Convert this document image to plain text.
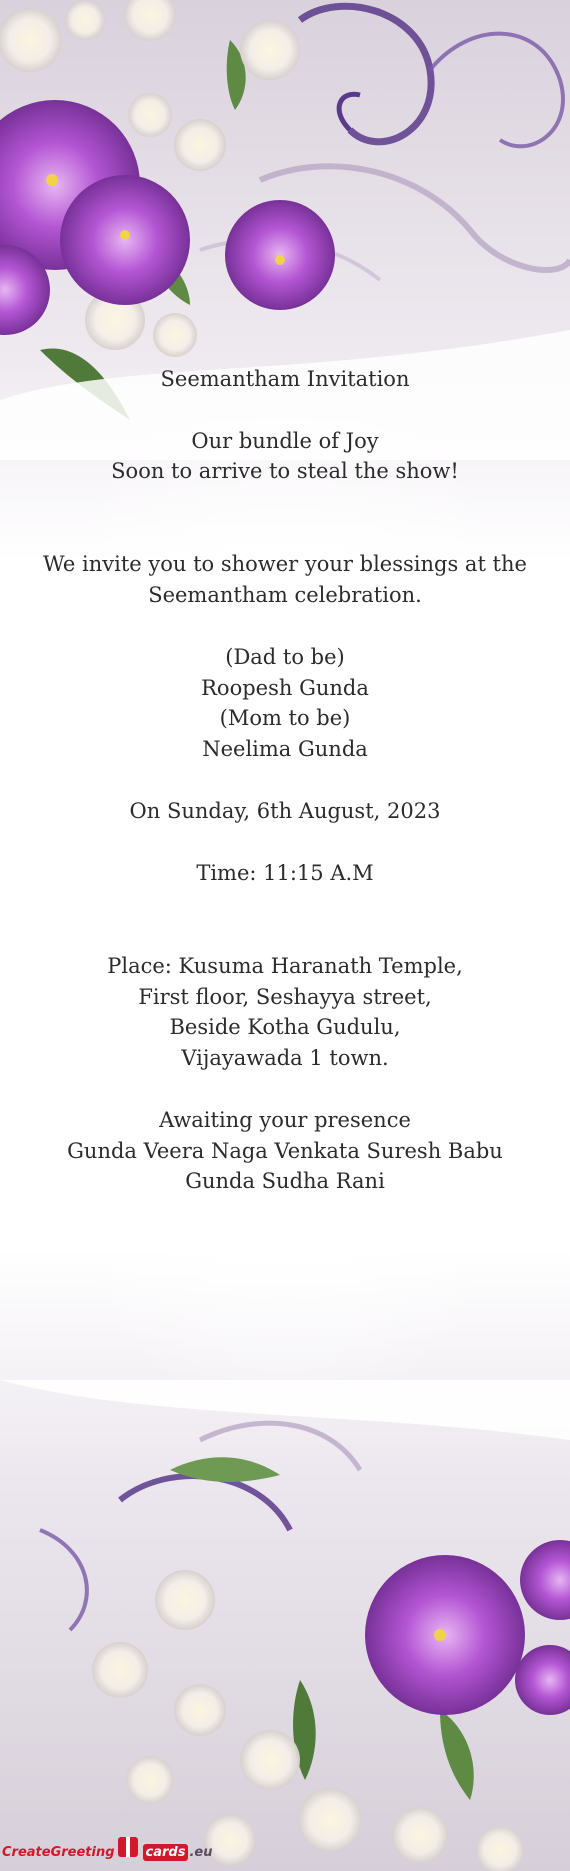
Seemantham Invitation
Our bundle of Joy
Soon to arrive to steal the show!
We invite you to shower your blessings at the
Seemantham celebration.
(Dad to be)
Roopesh Gunda
(Mom to be)
Neelima Gunda
On Sunday, 6th August, 2023
Time: 11:15 A.M
Place: Kusuma Haranath Temple,
First floor, Seshayya street,
Beside Kotha Gudulu,
Vijayawada 1 town.
Awaiting your presence
Gunda Veera Naga Venkata Suresh Babu
Gunda Sudha Rani
CreateGreeting cards .eu
